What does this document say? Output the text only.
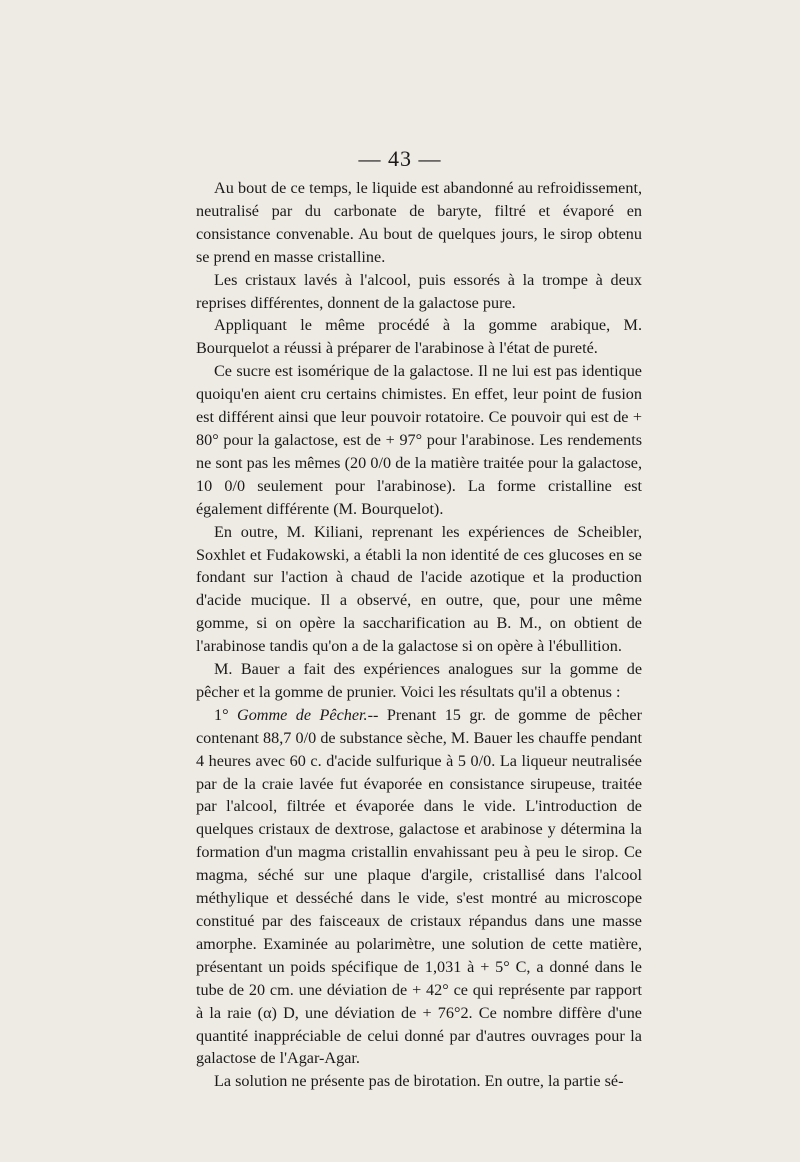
— 43 —

Au bout de ce temps, le liquide est abandonné au refroidissement, neutralisé par du carbonate de baryte, filtré et évaporé en consistance convenable. Au bout de quelques jours, le sirop obtenu se prend en masse cristalline.

Les cristaux lavés à l'alcool, puis essorés à la trompe à deux reprises différentes, donnent de la galactose pure.

Appliquant le même procédé à la gomme arabique, M. Bourquelot a réussi à préparer de l'arabinose à l'état de pureté.

Ce sucre est isomérique de la galactose. Il ne lui est pas identique quoiqu'en aient cru certains chimistes. En effet, leur point de fusion est différent ainsi que leur pouvoir rotatoire. Ce pouvoir qui est de + 80° pour la galactose, est de + 97° pour l'arabinose. Les rendements ne sont pas les mêmes (20 0/0 de la matière traitée pour la galactose, 10 0/0 seulement pour l'arabinose). La forme cristalline est également différente (M. Bourquelot).

En outre, M. Kiliani, reprenant les expériences de Scheibler, Soxhlet et Fudakowski, a établi la non identité de ces glucoses en se fondant sur l'action à chaud de l'acide azotique et la production d'acide mucique. Il a observé, en outre, que, pour une même gomme, si on opère la saccharification au B. M., on obtient de l'arabinose tandis qu'on a de la galactose si on opère à l'ébullition.

M. Bauer a fait des expériences analogues sur la gomme de pêcher et la gomme de prunier. Voici les résultats qu'il a obtenus :

1° Gomme de Pêcher.-- Prenant 15 gr. de gomme de pêcher contenant 88,7 0/0 de substance sèche, M. Bauer les chauffe pendant 4 heures avec 60 c. d'acide sulfurique à 5 0/0. La liqueur neutralisée par de la craie lavée fut évaporée en consistance sirupeuse, traitée par l'alcool, filtrée et évaporée dans le vide. L'introduction de quelques cristaux de dextrose, galactose et arabinose y détermina la formation d'un magma cristallin envahissant peu à peu le sirop. Ce magma, séché sur une plaque d'argile, cristallisé dans l'alcool méthylique et desséché dans le vide, s'est montré au microscope constitué par des faisceaux de cristaux répandus dans une masse amorphe. Examinée au polarimètre, une solution de cette matière, présentant un poids spécifique de 1,031 à + 5° C, a donné dans le tube de 20 cm. une déviation de + 42° ce qui représente par rapport à la raie (α) D, une déviation de + 76°2. Ce nombre diffère d'une quantité inappréciable de celui donné par d'autres ouvrages pour la galactose de l'Agar-Agar.

La solution ne présente pas de birotation. En outre, la partie sé-
